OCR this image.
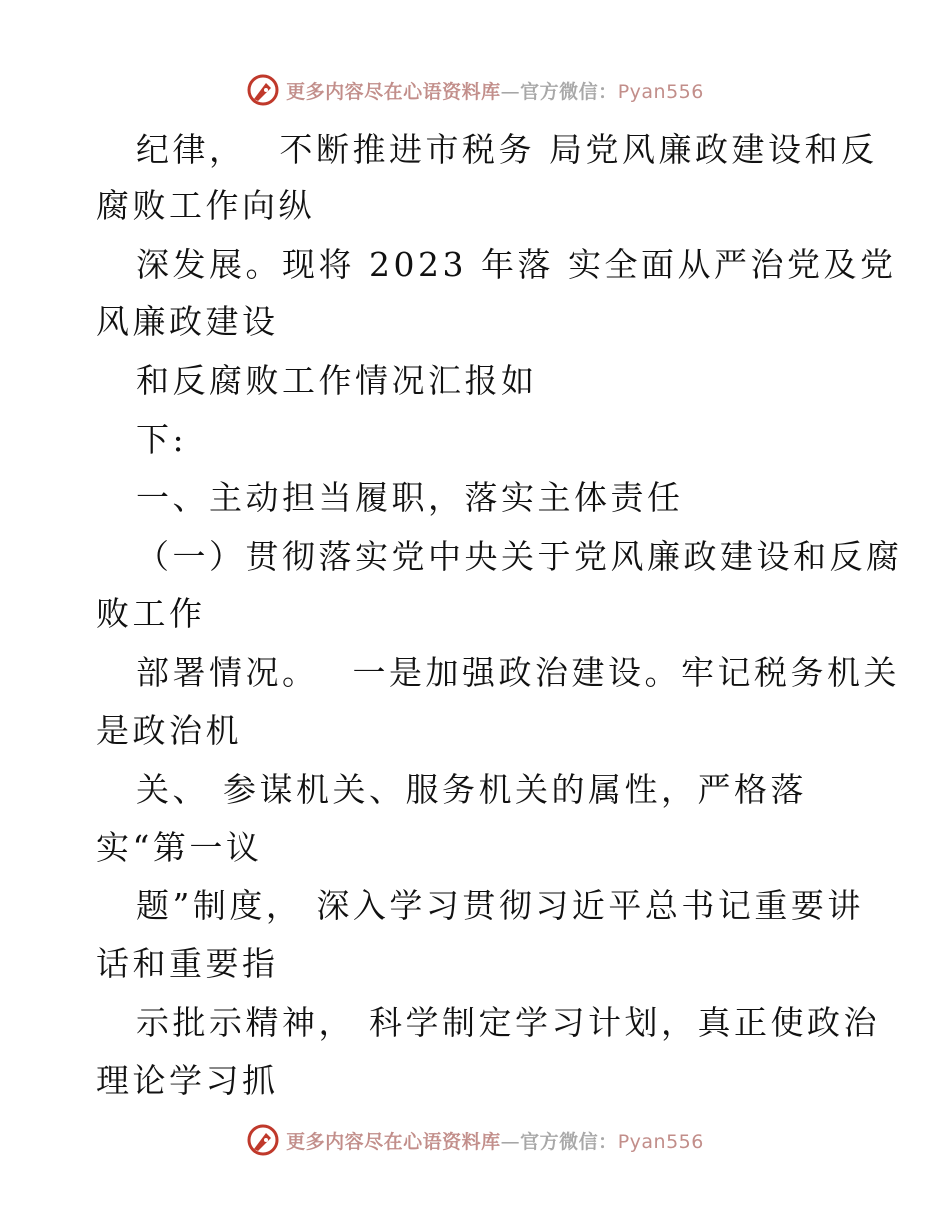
更多内容尽在心语资料库—官方微信：Pyan556
纪律，　 不断推进市税务 局党风廉政建设和反
腐败工作向纵
深发展。现将 2023 年落 实全面从严治党及党
风廉政建设
和反腐败工作情况汇报如
下:
一、主动担当履职，落实主体责任
（一）贯彻落实党中央关于党风廉政建设和反腐
败工作
部署情况。　 一是加强政治建设。牢记税务机关
是政治机
关、 参谋机关、服务机关的属性，严格落
实“第一议
题”制度， 深入学习贯彻习近平总书记重要讲
话和重要指
示批示精神， 科学制定学习计划，真正使政治
理论学习抓
更多内容尽在心语资料库—官方微信：Pyan556
